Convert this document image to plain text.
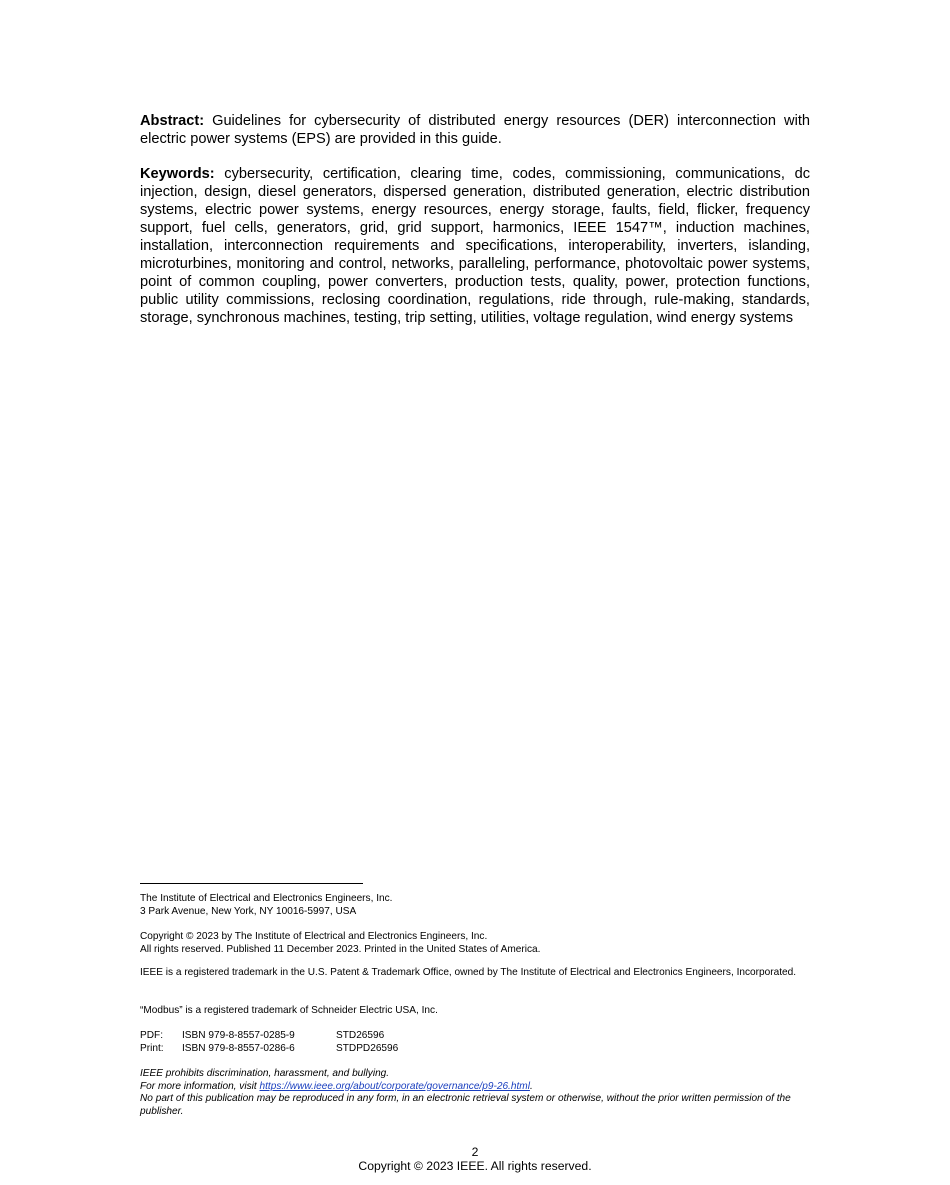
Abstract: Guidelines for cybersecurity of distributed energy resources (DER) interconnection with electric power systems (EPS) are provided in this guide.

Keywords: cybersecurity, certification, clearing time, codes, commissioning, communications, dc injection, design, diesel generators, dispersed generation, distributed generation, electric distribution systems, electric power systems, energy resources, energy storage, faults, field, flicker, frequency support, fuel cells, generators, grid, grid support, harmonics, IEEE 1547™, induction machines, installation, interconnection requirements and specifications, interoperability, inverters, islanding, microturbines, monitoring and control, networks, paralleling, performance, photovoltaic power systems, point of common coupling, power converters, production tests, quality, power, protection functions, public utility commissions, reclosing coordination, regulations, ride through, rule-making, standards, storage, synchronous machines, testing, trip setting, utilities, voltage regulation, wind energy systems

The Institute of Electrical and Electronics Engineers, Inc.

3 Park Avenue, New York, NY 10016-5997, USA

Copyright © 2023 by The Institute of Electrical and Electronics Engineers, Inc.

All rights reserved. Published 11 December 2023. Printed in the United States of America.

IEEE is a registered trademark in the U.S. Patent & Trademark Office, owned by The Institute of Electrical and Electronics Engineers, Incorporated.

“Modbus” is a registered trademark of Schneider Electric USA, Inc.

PDF:	ISBN 979-8-8557-0285-9	STD26596
Print:	ISBN 979-8-8557-0286-6	STDPD26596

IEEE prohibits discrimination, harassment, and bullying.

For more information, visit https://www.ieee.org/about/corporate/governance/p9-26.html.

No part of this publication may be reproduced in any form, in an electronic retrieval system or otherwise, without the prior written permission of the publisher.

2
Copyright © 2023 IEEE. All rights reserved.
